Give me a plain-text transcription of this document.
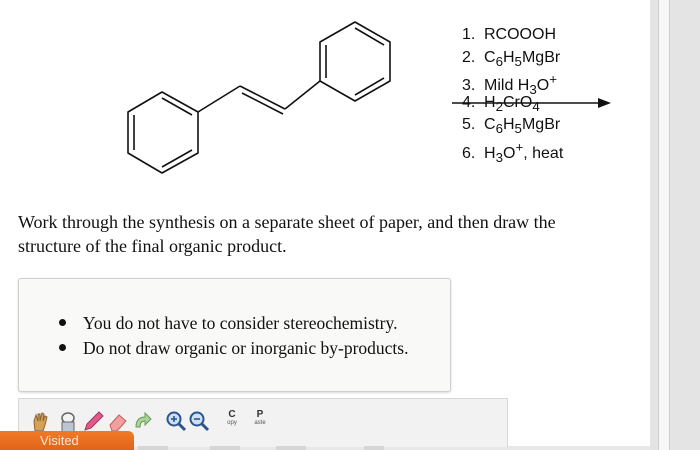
1. RCOOOH
2. $C_6H_5MgBr$
3. Mild $H_3O^+$
4. $H_2CrO_4$
5. $C_6H_5MgBr$
6. $H_3O^+$, heat

Work through the synthesis on a separate sheet of paper, and then draw the structure of the final organic product.

You do not have to consider stereochemistry.
Do not draw organic or inorganic by-products.
C
opy
P
aste
Visited
